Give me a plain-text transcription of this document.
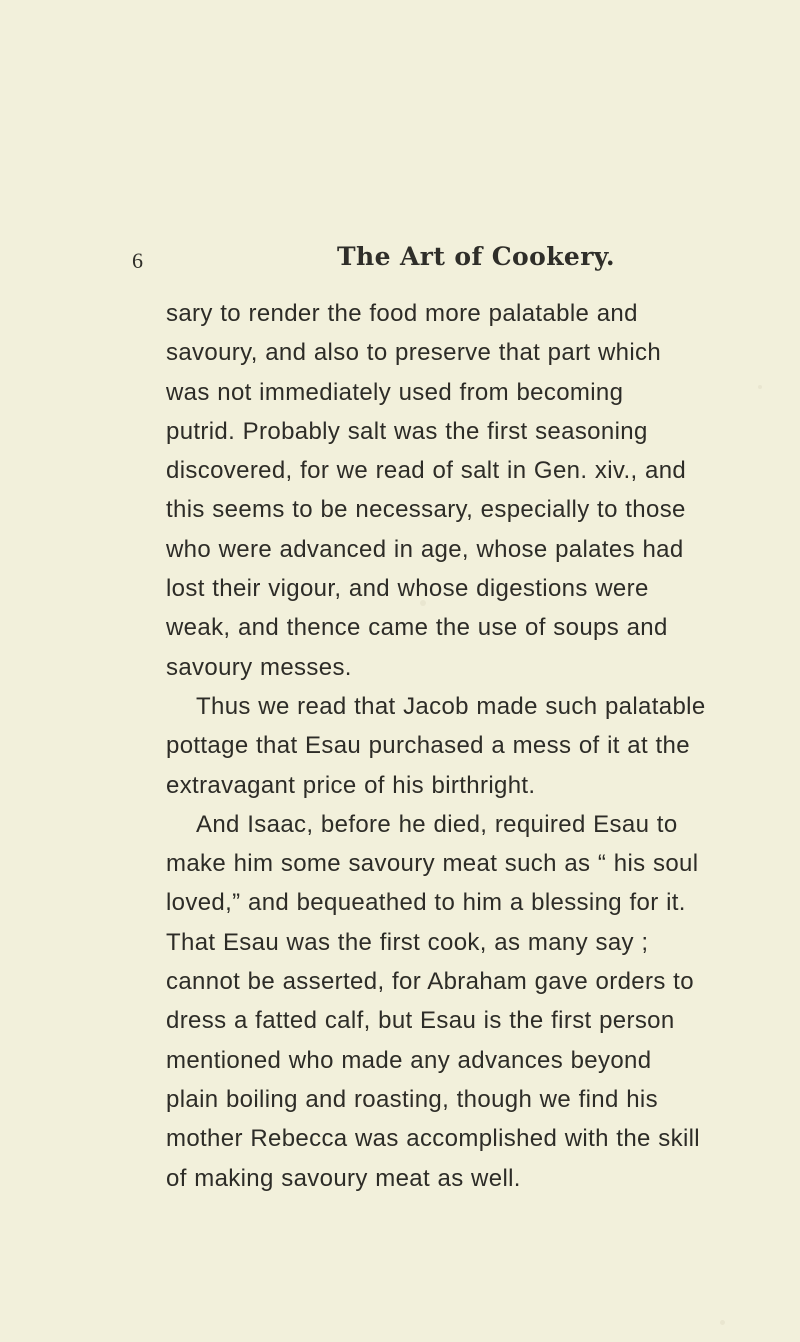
6	The Art of Cookery.
sary to render the food more palatable and
savoury, and also to preserve that part which
was not immediately used from becoming
putrid. Probably salt was the first seasoning
discovered, for we read of salt in Gen. xiv., and
this seems to be necessary, especially to those
who were advanced in age, whose palates had
lost their vigour, and whose digestions were
weak, and thence came the use of soups and
savoury messes.
Thus we read that Jacob made such palatable
pottage that Esau purchased a mess of it at the
extravagant price of his birthright.
And Isaac, before he died, required Esau to
make him some savoury meat such as “ his soul
loved,” and bequeathed to him a blessing for it.
That Esau was the first cook, as many say ;
cannot be asserted, for Abraham gave orders to
dress a fatted calf, but Esau is the first person
mentioned who made any advances beyond
plain boiling and roasting, though we find his
mother Rebecca was accomplished with the skill
of making savoury meat as well.
